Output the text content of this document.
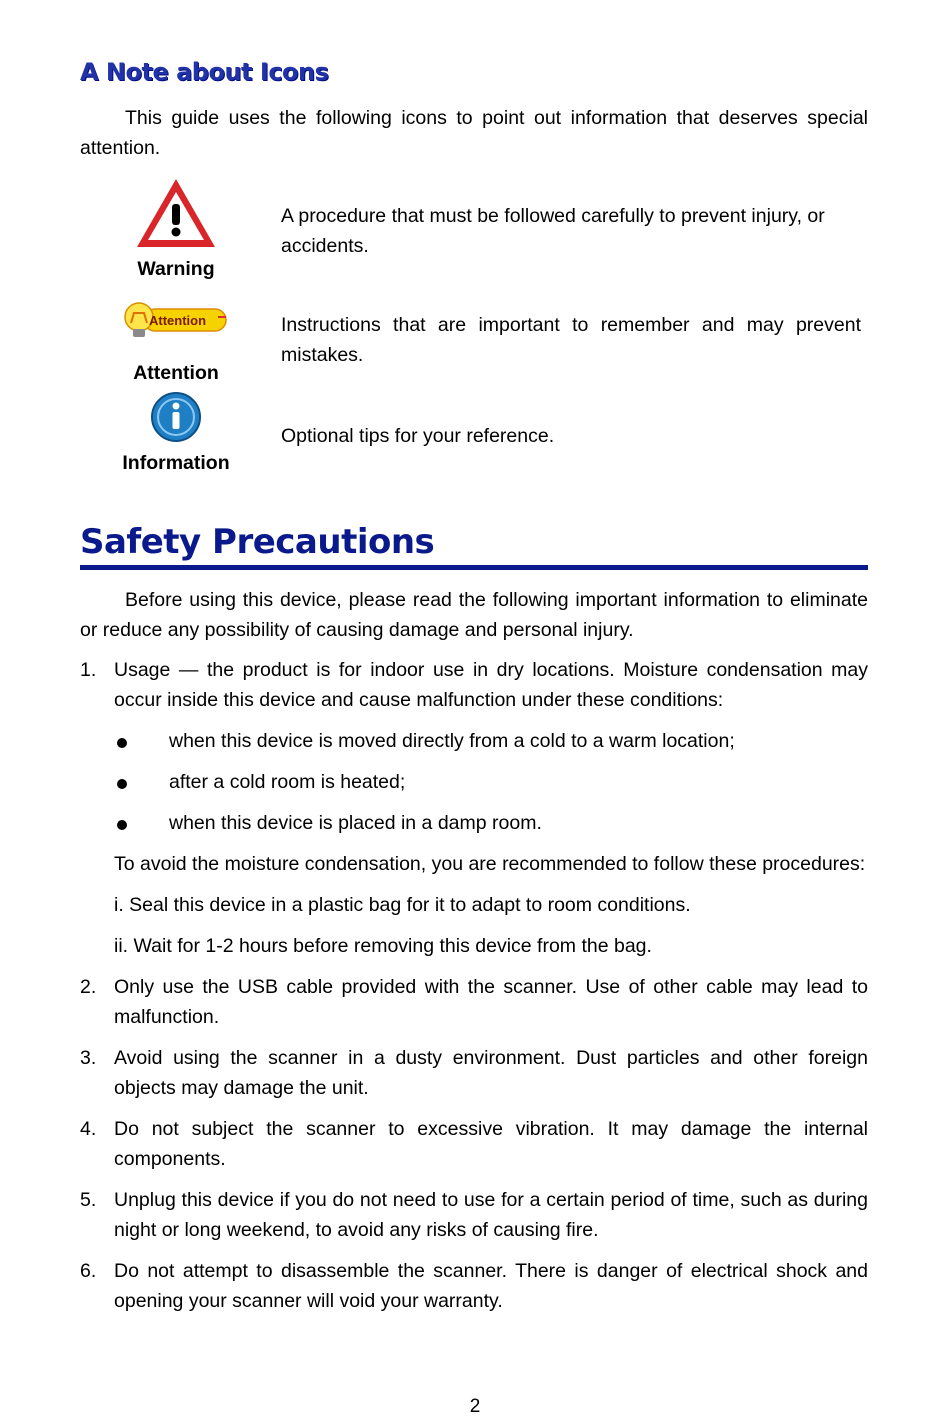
A Note about Icons

This guide uses the following icons to point out information that deserves special attention.

Warning

A procedure that must be followed carefully to prevent injury, or accidents.

Attention
Attention

Instructions that are important to remember and may prevent mistakes.

Information

Optional tips for your reference.

Safety Precautions

Before using this device, please read the following important information to eliminate or reduce any possibility of causing damage and personal injury.

1. Usage — the product is for indoor use in dry locations. Moisture condensation may occur inside this device and cause malfunction under these conditions:
when this device is moved directly from a cold to a warm location;
after a cold room is heated;
when this device is placed in a damp room.

To avoid the moisture condensation, you are recommended to follow these procedures:

i. Seal this device in a plastic bag for it to adapt to room conditions.

ii. Wait for 1-2 hours before removing this device from the bag.

2. Only use the USB cable provided with the scanner. Use of other cable may lead to malfunction.
3. Avoid using the scanner in a dusty environment. Dust particles and other foreign objects may damage the unit.
4. Do not subject the scanner to excessive vibration. It may damage the internal components.
5. Unplug this device if you do not need to use for a certain period of time, such as during night or long weekend, to avoid any risks of causing fire.
6. Do not attempt to disassemble the scanner. There is danger of electrical shock and opening your scanner will void your warranty.
2
